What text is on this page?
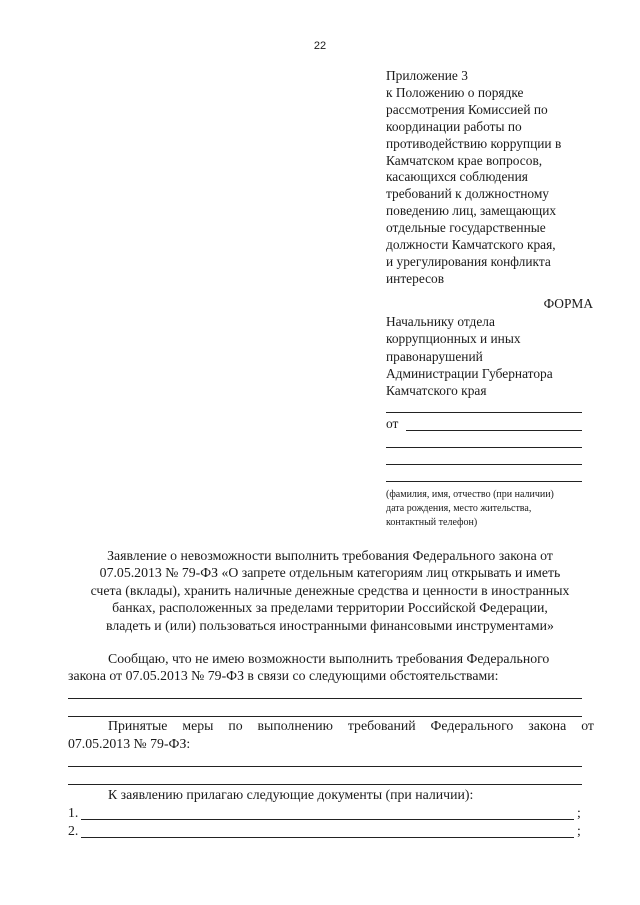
22
Приложение 3
к Положению о порядке
рассмотрения Комиссией по
координации работы по
противодействию коррупции в
Камчатском крае вопросов,
касающихся соблюдения
требований к должностному
поведению лиц, замещающих
отдельные государственные
должности Камчатского края,
и урегулирования конфликта
интересов
ФОРМА
Начальнику отдела
коррупционных и иных
правонарушений
Администрации Губернатора
Камчатского края
от
(фамилия, имя, отчество (при наличии)
дата рождения, место жительства,
контактный телефон)
Заявление о невозможности выполнить требования Федерального закона от
07.05.2013 № 79-ФЗ «О запрете отдельным категориям лиц открывать и иметь
счета (вклады), хранить наличные денежные средства и ценности в иностранных
банках, расположенных за пределами территории Российской Федерации,
владеть и (или) пользоваться иностранными финансовыми инструментами»
Сообщаю, что не имею возможности выполнить требования Федерального
закона от 07.05.2013 № 79-ФЗ в связи со следующими обстоятельствами:
Принятые меры по выполнению требований Федерального закона от
07.05.2013 № 79-ФЗ:
К заявлению прилагаю следующие документы (при наличии):
1.	;
2.	;
